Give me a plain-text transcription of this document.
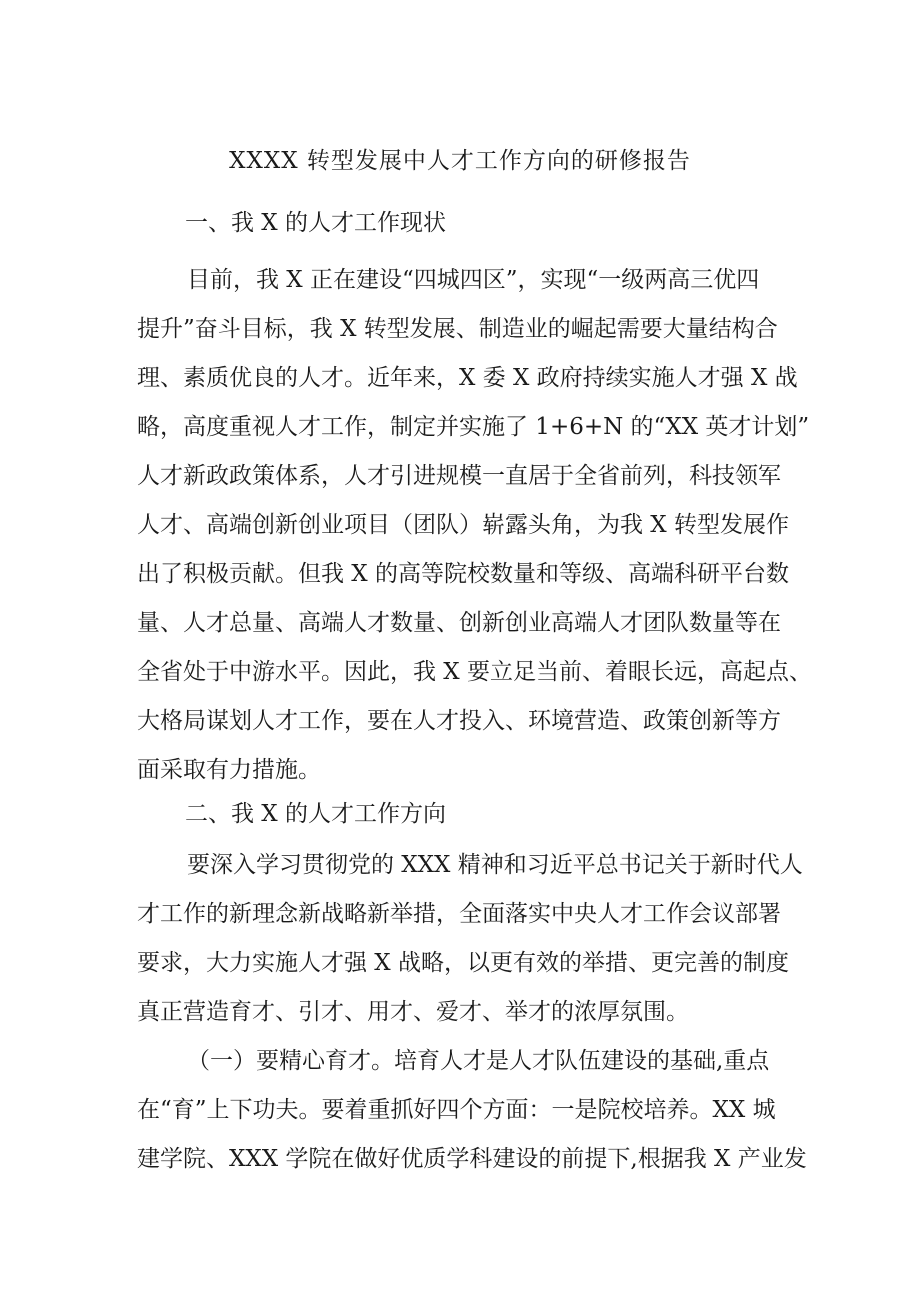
XXXX 转型发展中人才工作方向的研修报告
一、我 X 的人才工作现状
目前，我 X 正在建设“四城四区”，实现“一级两高三优四
提升”奋斗目标，我 X 转型发展、制造业的崛起需要大量结构合
理、素质优良的人才。近年来，X 委 X 政府持续实施人才强 X 战
略，高度重视人才工作，制定并实施了 1+6+N 的“XX 英才计划”
人才新政政策体系，人才引进规模一直居于全省前列，科技领军
人才、高端创新创业项目（团队）崭露头角，为我 X 转型发展作
出了积极贡献。但我 X 的高等院校数量和等级、高端科研平台数
量、人才总量、高端人才数量、创新创业高端人才团队数量等在
全省处于中游水平。因此，我 X 要立足当前、着眼长远，高起点、
大格局谋划人才工作，要在人才投入、环境营造、政策创新等方
面采取有力措施。
二、我 X 的人才工作方向
要深入学习贯彻党的 XXX 精神和习近平总书记关于新时代人
才工作的新理念新战略新举措，全面落实中央人才工作会议部署
要求，大力实施人才强 X 战略，以更有效的举措、更完善的制度
真正营造育才、引才、用才、爱才、举才的浓厚氛围。
（一）要精心育才。培育人才是人才队伍建设的基础,重点
在“育”上下功夫。要着重抓好四个方面：一是院校培养。XX 城
建学院、XXX 学院在做好优质学科建设的前提下,根据我 X 产业发
